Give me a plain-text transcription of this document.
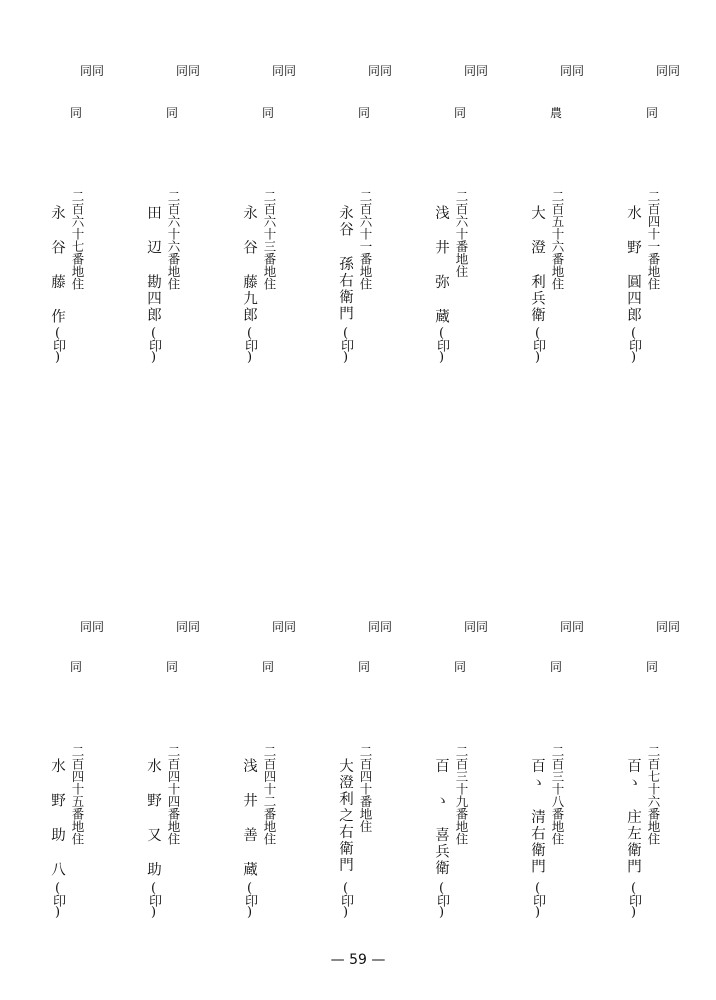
同同
同
二百四十一番地住
水 野 圓四郎
(印)
同同
農
二百五十六番地住
大 澄 利兵衛
(印)
同同
同
二百六十番地住
浅 井 弥 蔵
(印)
同同
同
二百六十一番地住
永谷 孫右衛門
(印)
同同
同
二百六十三番地住
永 谷 藤九郎
(印)
同同
同
二百六十六番地住
田 辺 勘四郎
(印)
同同
同
二百六十七番地住
永 谷 藤 作
(印)
同同
同
二百七十六番地住
百ゝ 庄左衛門
(印)
同同
同
二百三十八番地住
百ゝ 清右衛門
(印)
同同
同
二百三十九番地住
百 ゝ 喜兵衛
(印)
同同
同
二百四十番地住
大澄利之右衛門
(印)
同同
同
二百四十二番地住
浅 井 善 蔵
(印)
同同
同
二百四十四番地住
水 野 又 助
(印)
同同
同
二百四十五番地住
水 野 助 八
(印)
— 59 —
